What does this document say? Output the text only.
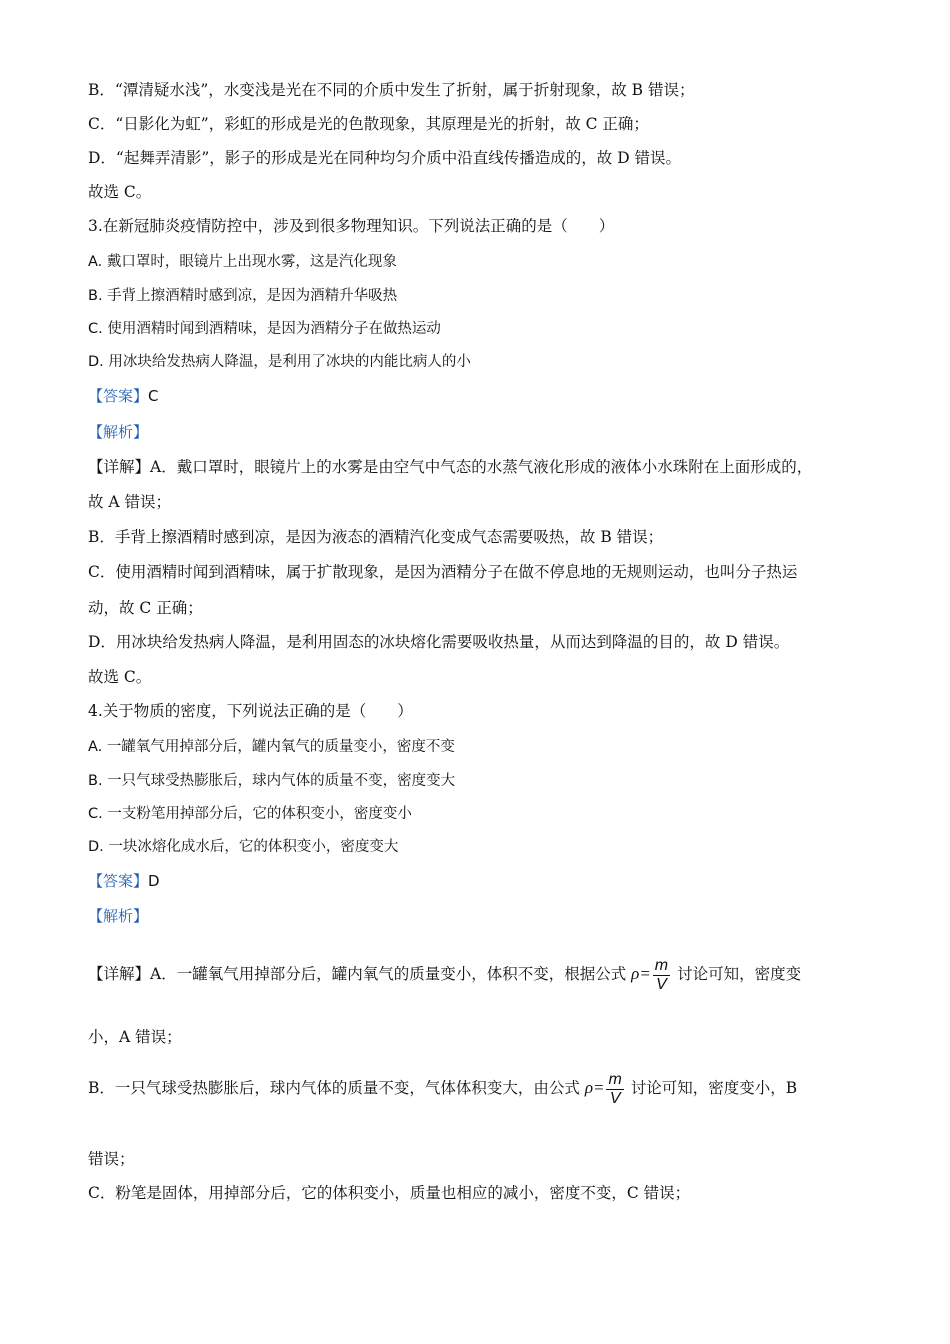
B．“潭清疑水浅”，水变浅是光在不同的介质中发生了折射，属于折射现象，故 B 错误；
C．“日影化为虹”，彩虹的形成是光的色散现象，其原理是光的折射，故 C 正确；
D．“起舞弄清影”，影子的形成是光在同种均匀介质中沿直线传播造成的，故 D 错误。
故选 C。
3.在新冠肺炎疫情防控中，涉及到很多物理知识。下列说法正确的是（　　）
A. 戴口罩时，眼镜片上出现水雾，这是汽化现象
B. 手背上擦酒精时感到凉，是因为酒精升华吸热
C. 使用酒精时闻到酒精味，是因为酒精分子在做热运动
D. 用冰块给发热病人降温，是利用了冰块的内能比病人的小
【答案】C
【解析】
【详解】A．戴口罩时，眼镜片上的水雾是由空气中气态的水蒸气液化形成的液体小水珠附在上面形成的，
故 A 错误；
B．手背上擦酒精时感到凉，是因为液态的酒精汽化变成气态需要吸热，故 B 错误；
C．使用酒精时闻到酒精味，属于扩散现象，是因为酒精分子在做不停息地的无规则运动，也叫分子热运
动，故 C 正确；
D．用冰块给发热病人降温，是利用固态的冰块熔化需要吸收热量，从而达到降温的目的，故 D 错误。
故选 C。
4.关于物质的密度，下列说法正确的是（　　）
A. 一罐氧气用掉部分后，罐内氧气的质量变小，密度不变
B. 一只气球受热膨胀后，球内气体的质量不变，密度变大
C. 一支粉笔用掉部分后，它的体积变小，密度变小
D. 一块冰熔化成水后，它的体积变小，密度变大
【答案】D
【解析】
【详解】A．一罐氧气用掉部分后，罐内氧气的质量变小，体积不变，根据公式 $\rho= \frac{m}{V}$ 讨论可知，密度变
小，A 错误；
B．一只气球受热膨胀后，球内气体的质量不变，气体体积变大，由公式 $\rho= \frac{m}{V}$ 讨论可知，密度变小，B
错误；
C．粉笔是固体，用掉部分后，它的体积变小，质量也相应的减小，密度不变，C 错误；
